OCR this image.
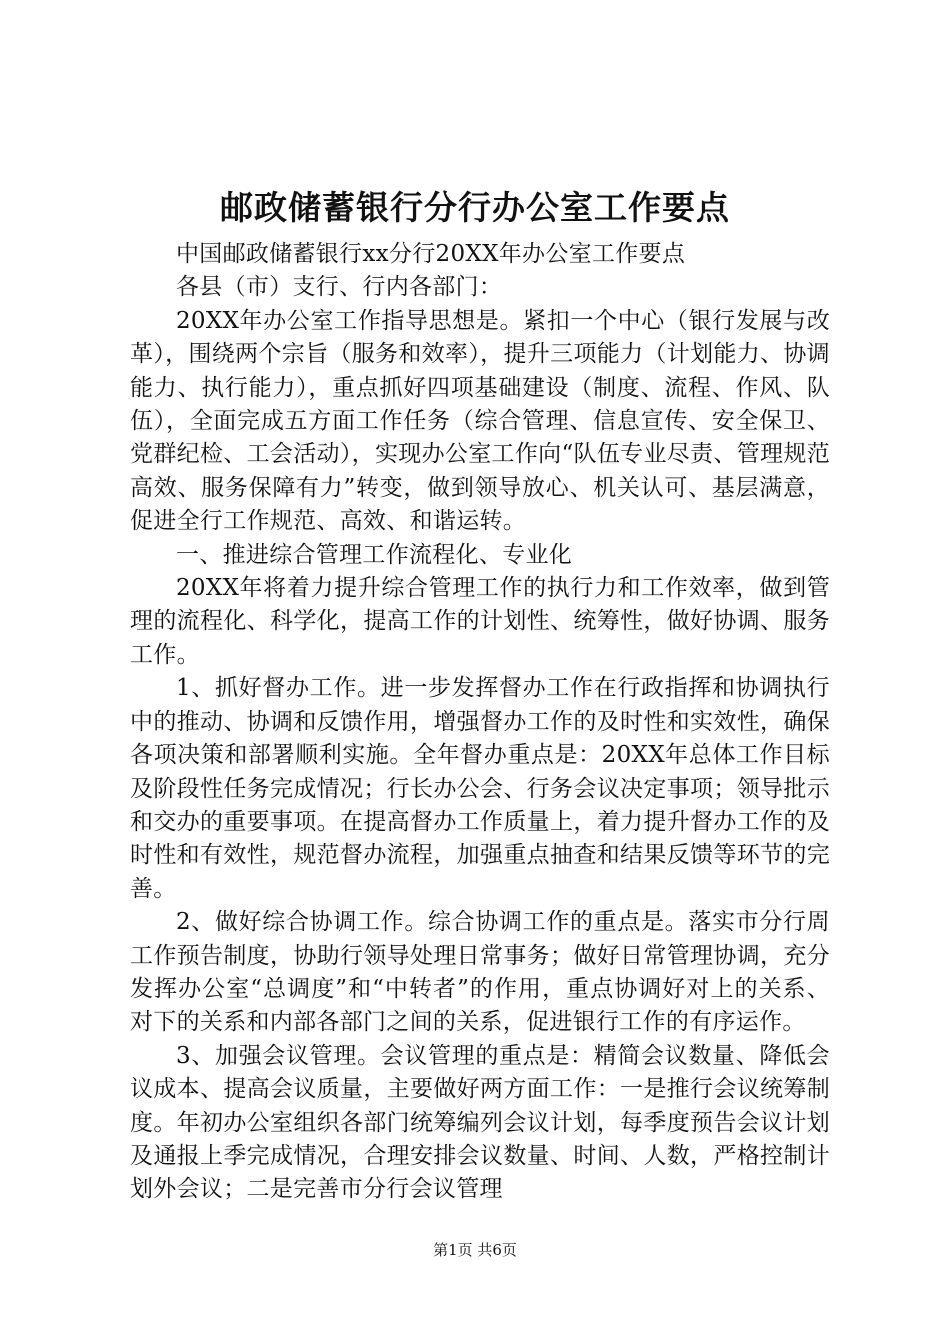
邮政储蓄银行分行办公室工作要点

中国邮政储蓄银行xx分行20XX年办公室工作要点

各县（市）支行、行内各部门：

20XX年办公室工作指导思想是。紧扣一个中心（银行发展与改革），围绕两个宗旨（服务和效率），提升三项能力（计划能力、协调能力、执行能力），重点抓好四项基础建设（制度、流程、作风、队伍），全面完成五方面工作任务（综合管理、信息宣传、安全保卫、党群纪检、工会活动），实现办公室工作向“队伍专业尽责、管理规范高效、服务保障有力”转变，做到领导放心、机关认可、基层满意，促进全行工作规范、高效、和谐运转。

一、推进综合管理工作流程化、专业化

20XX年将着力提升综合管理工作的执行力和工作效率，做到管理的流程化、科学化，提高工作的计划性、统筹性，做好协调、服务工作。

1、抓好督办工作。进一步发挥督办工作在行政指挥和协调执行中的推动、协调和反馈作用，增强督办工作的及时性和实效性，确保各项决策和部署顺利实施。全年督办重点是：20XX年总体工作目标及阶段性任务完成情况；行长办公会、行务会议决定事项；领导批示和交办的重要事项。在提高督办工作质量上，着力提升督办工作的及时性和有效性，规范督办流程，加强重点抽查和结果反馈等环节的完善。

2、做好综合协调工作。综合协调工作的重点是。落实市分行周工作预告制度，协助行领导处理日常事务；做好日常管理协调，充分发挥办公室“总调度”和“中转者”的作用，重点协调好对上的关系、对下的关系和内部各部门之间的关系，促进银行工作的有序运作。

3、加强会议管理。会议管理的重点是：精简会议数量、降低会议成本、提高会议质量，主要做好两方面工作：一是推行会议统筹制度。年初办公室组织各部门统筹编列会议计划，每季度预告会议计划及通报上季完成情况，合理安排会议数量、时间、人数，严格控制计划外会议；二是完善市分行会议管理

第1页 共6页
